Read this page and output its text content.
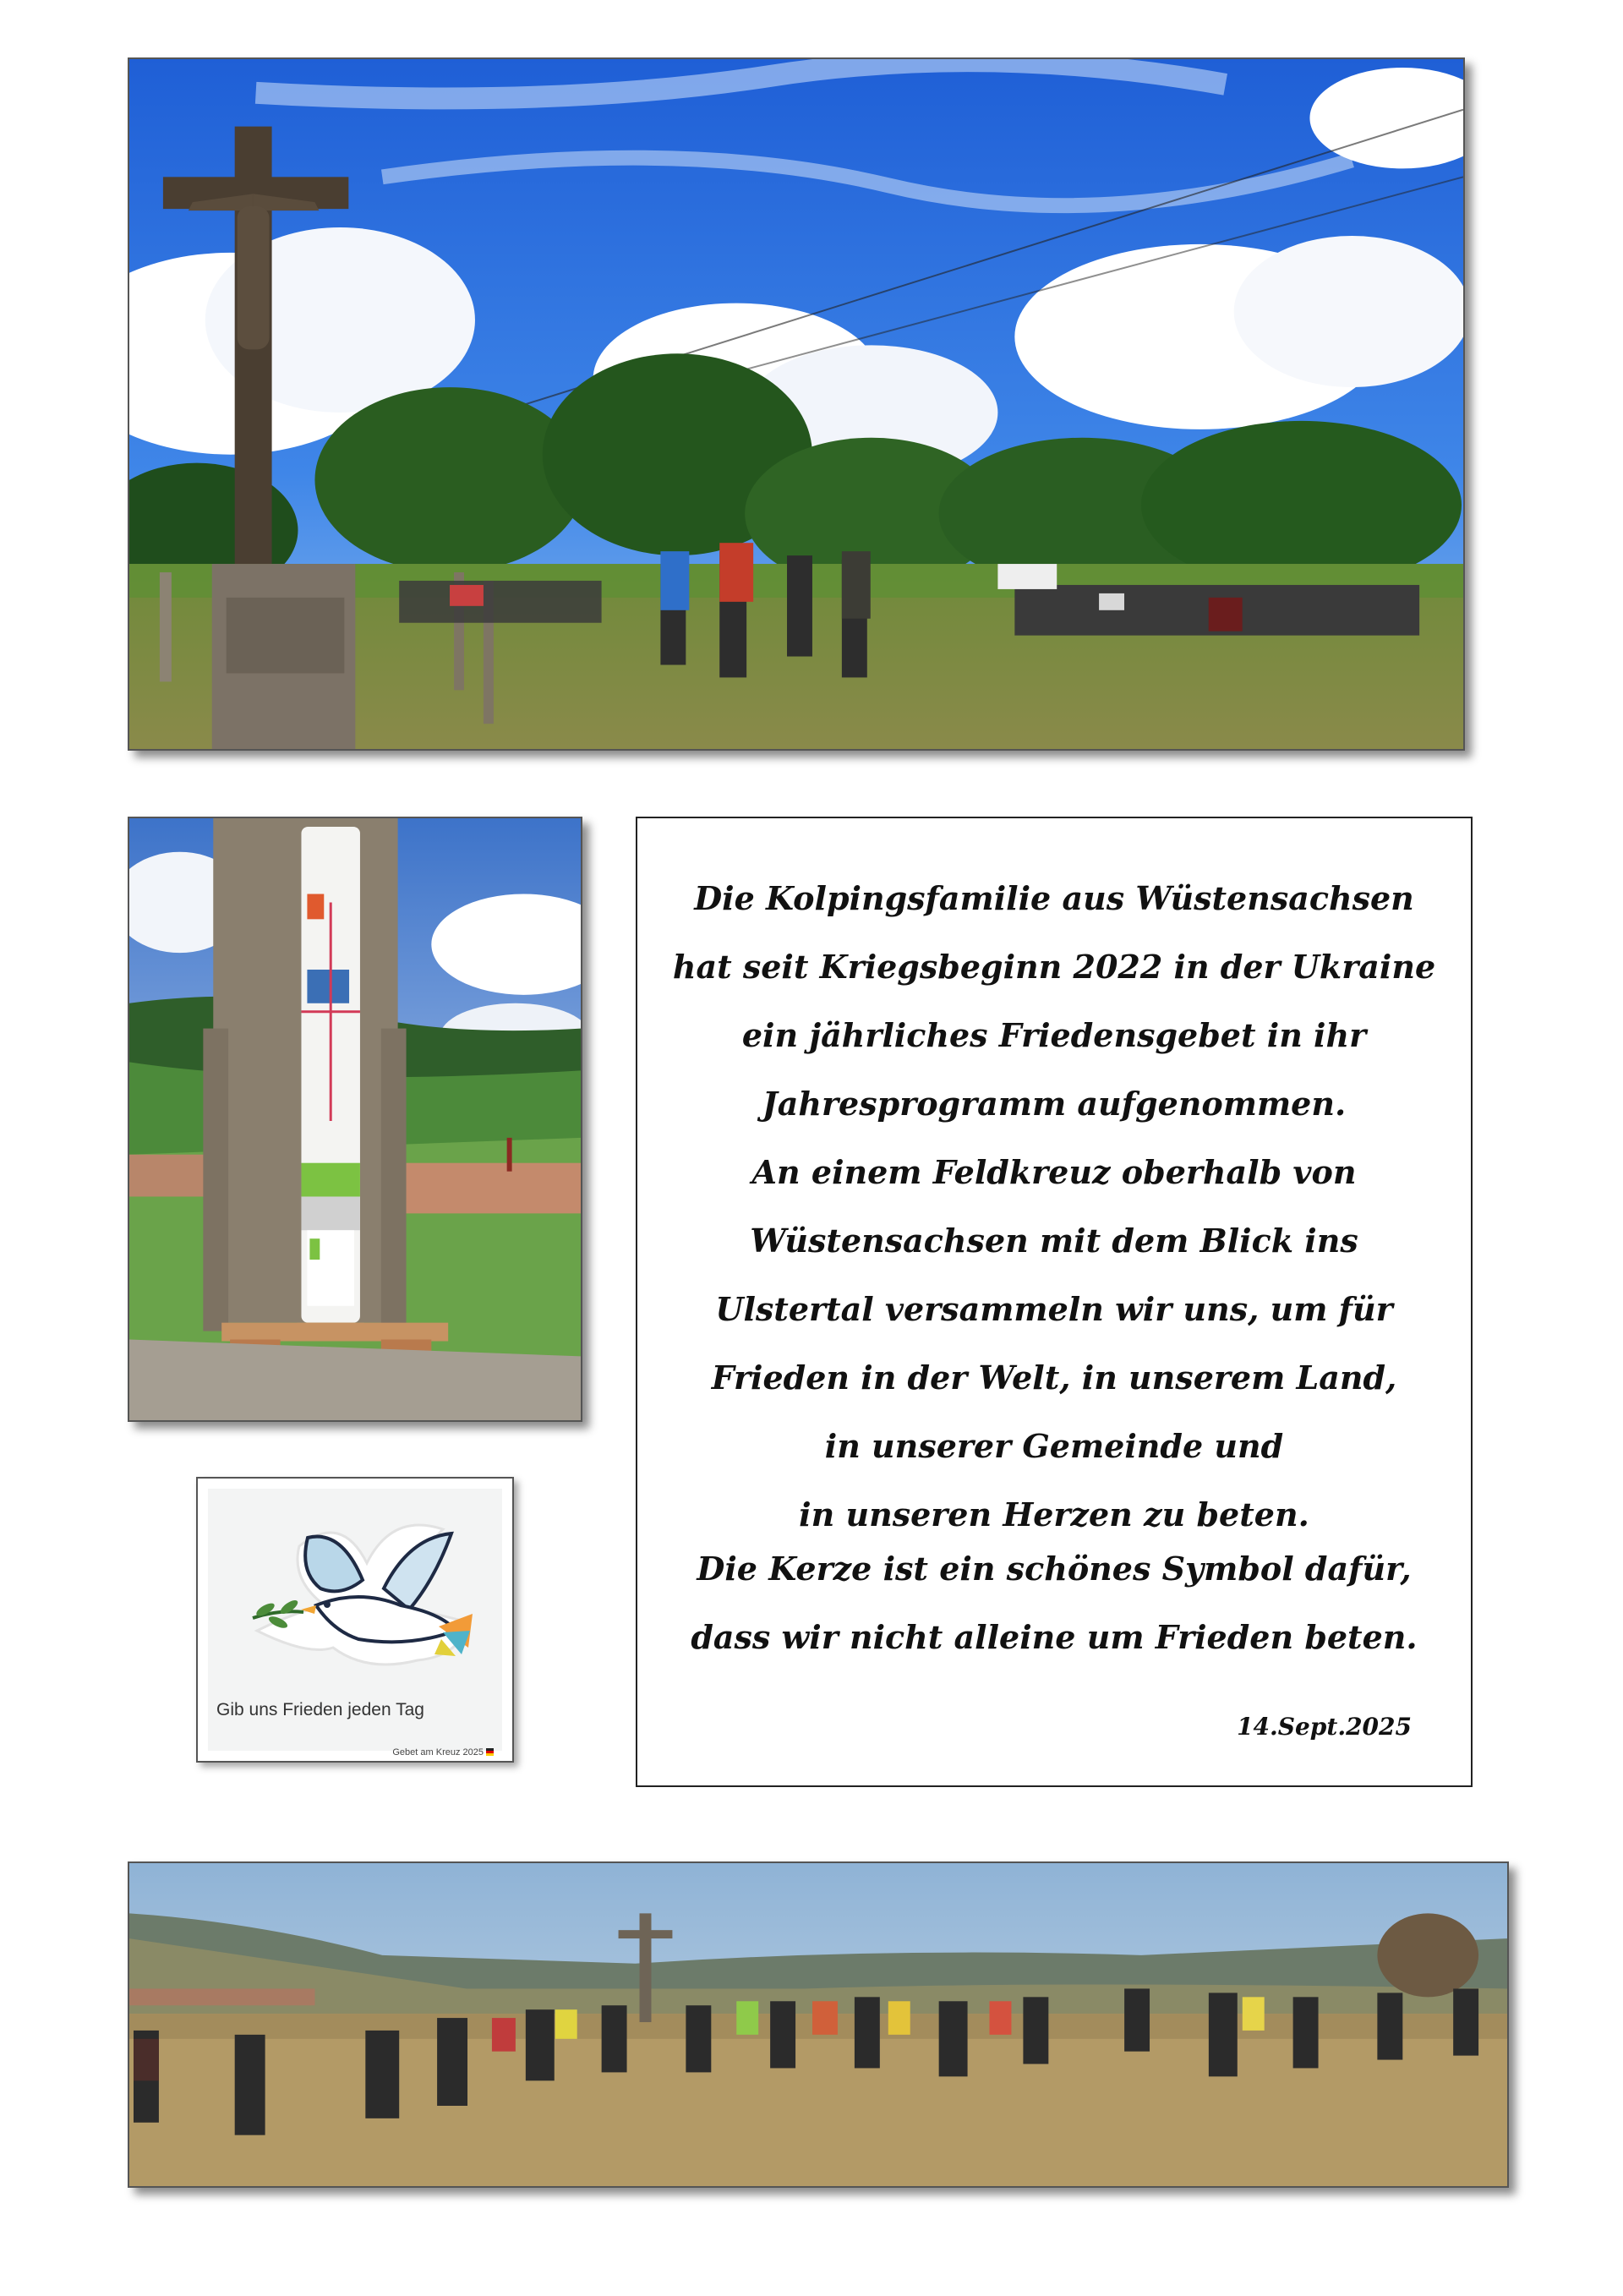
Gib uns Frieden jeden Tag
Gebet am Kreuz 2025
Die Kolpingsfamilie aus Wüstensachsen
hat seit Kriegsbeginn 2022 in der Ukraine
ein jährliches Friedensgebet in ihr
Jahresprogramm aufgenommen.
An einem Feldkreuz oberhalb von
Wüstensachsen mit dem Blick ins
Ulstertal versammeln wir uns, um für
Frieden in der Welt, in unserem Land,
in unserer Gemeinde und
in unseren Herzen zu beten.
Die Kerze ist ein schönes Symbol dafür,
dass wir nicht alleine um Frieden beten.
14.Sept.2025
